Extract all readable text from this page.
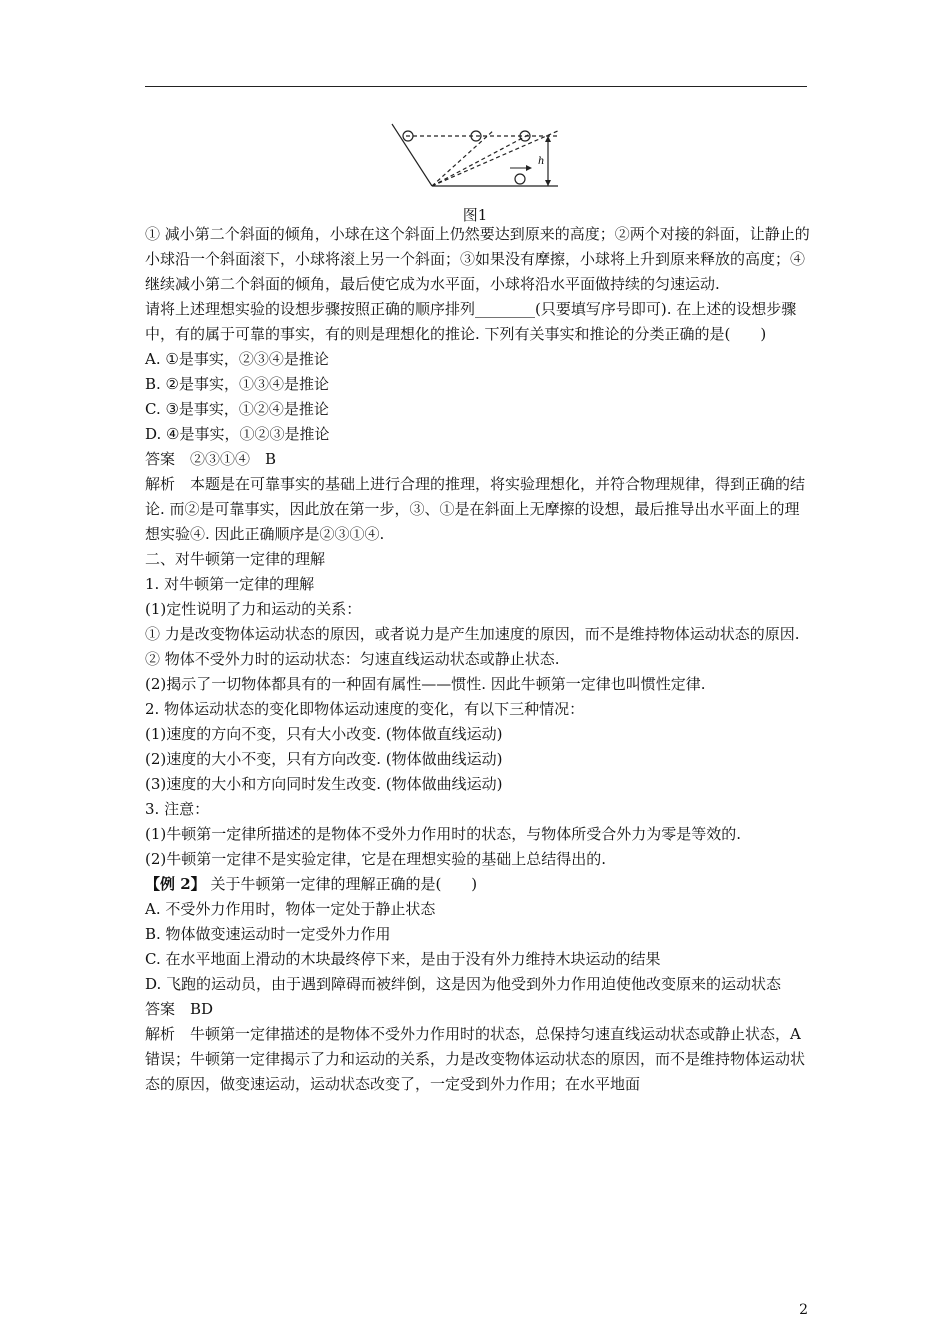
h
图1

① 减小第二个斜面的倾角，小球在这个斜面上仍然要达到原来的高度；②两个对接的斜面，让静止的小球沿一个斜面滚下，小球将滚上另一个斜面；③如果没有摩擦，小球将上升到原来释放的高度；④继续减小第二个斜面的倾角，最后使它成为水平面，小球将沿水平面做持续的匀速运动.

请将上述理想实验的设想步骤按照正确的顺序排列________(只要填写序号即可). 在上述的设想步骤中，有的属于可靠的事实，有的则是理想化的推论. 下列有关事实和推论的分类正确的是(　　)

A. ①是事实，②③④是推论

B. ②是事实，①③④是推论

C. ③是事实，①②④是推论

D. ④是事实，①②③是推论

答案　②③①④　B

解析　本题是在可靠事实的基础上进行合理的推理，将实验理想化，并符合物理规律，得到正确的结论. 而②是可靠事实，因此放在第一步，③、①是在斜面上无摩擦的设想，最后推导出水平面上的理想实验④. 因此正确顺序是②③①④.

二、对牛顿第一定律的理解

1. 对牛顿第一定律的理解

(1)定性说明了力和运动的关系：

① 力是改变物体运动状态的原因，或者说力是产生加速度的原因，而不是维持物体运动状态的原因.

② 物体不受外力时的运动状态：匀速直线运动状态或静止状态.

(2)揭示了一切物体都具有的一种固有属性——惯性. 因此牛顿第一定律也叫惯性定律.

2. 物体运动状态的变化即物体运动速度的变化，有以下三种情况：

(1)速度的方向不变，只有大小改变. (物体做直线运动)

(2)速度的大小不变，只有方向改变. (物体做曲线运动)

(3)速度的大小和方向同时发生改变. (物体做曲线运动)

3. 注意：

(1)牛顿第一定律所描述的是物体不受外力作用时的状态，与物体所受合外力为零是等效的.

(2)牛顿第一定律不是实验定律，它是在理想实验的基础上总结得出的.

【例 2】 关于牛顿第一定律的理解正确的是(　　)

A. 不受外力作用时，物体一定处于静止状态

B. 物体做变速运动时一定受外力作用

C. 在水平地面上滑动的木块最终停下来，是由于没有外力维持木块运动的结果

D. 飞跑的运动员，由于遇到障碍而被绊倒，这是因为他受到外力作用迫使他改变原来的运动状态

答案　BD

解析　牛顿第一定律描述的是物体不受外力作用时的状态，总保持匀速直线运动状态或静止状态，A 错误；牛顿第一定律揭示了力和运动的关系，力是改变物体运动状态的原因，而不是维持物体运动状态的原因，做变速运动，运动状态改变了，一定受到外力作用；在水平地面

2
